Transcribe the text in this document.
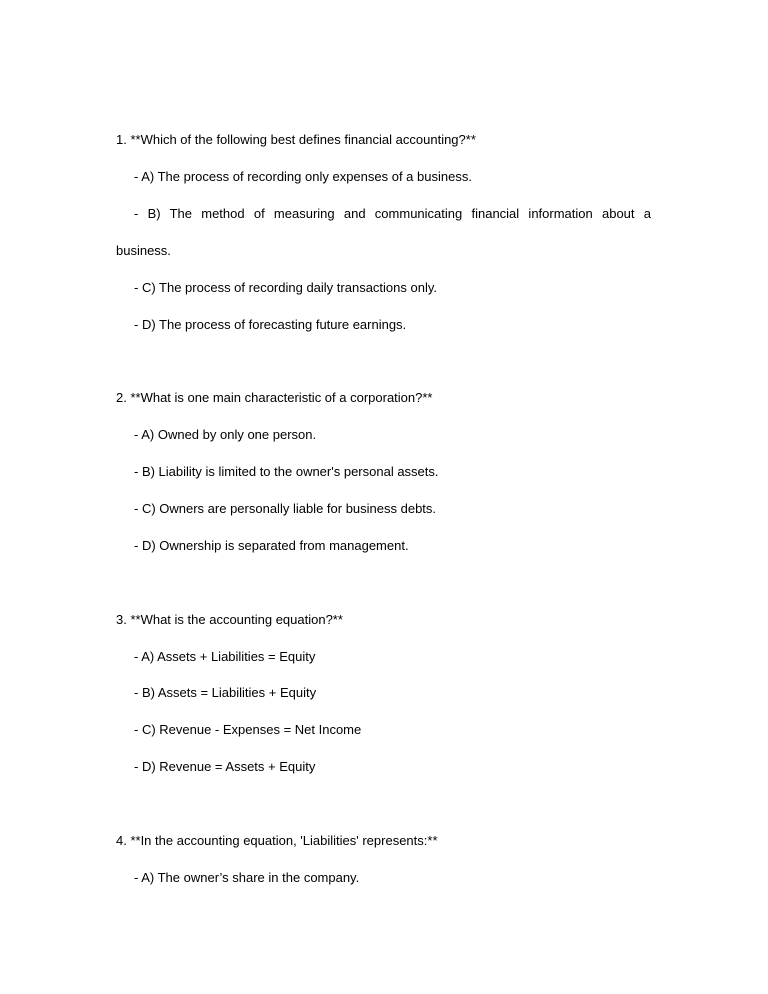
1. **Which of the following best defines financial accounting?**
- A) The process of recording only expenses of a business.
- B) The method of measuring and communicating financial information about a
business.
- C) The process of recording daily transactions only.
- D) The process of forecasting future earnings.
2. **What is one main characteristic of a corporation?**
- A) Owned by only one person.
- B) Liability is limited to the owner's personal assets.
- C) Owners are personally liable for business debts.
- D) Ownership is separated from management.
3. **What is the accounting equation?**
- A) Assets + Liabilities = Equity
- B) Assets = Liabilities + Equity
- C) Revenue - Expenses = Net Income
- D) Revenue = Assets + Equity
4. **In the accounting equation, 'Liabilities' represents:**
- A) The owner’s share in the company.
